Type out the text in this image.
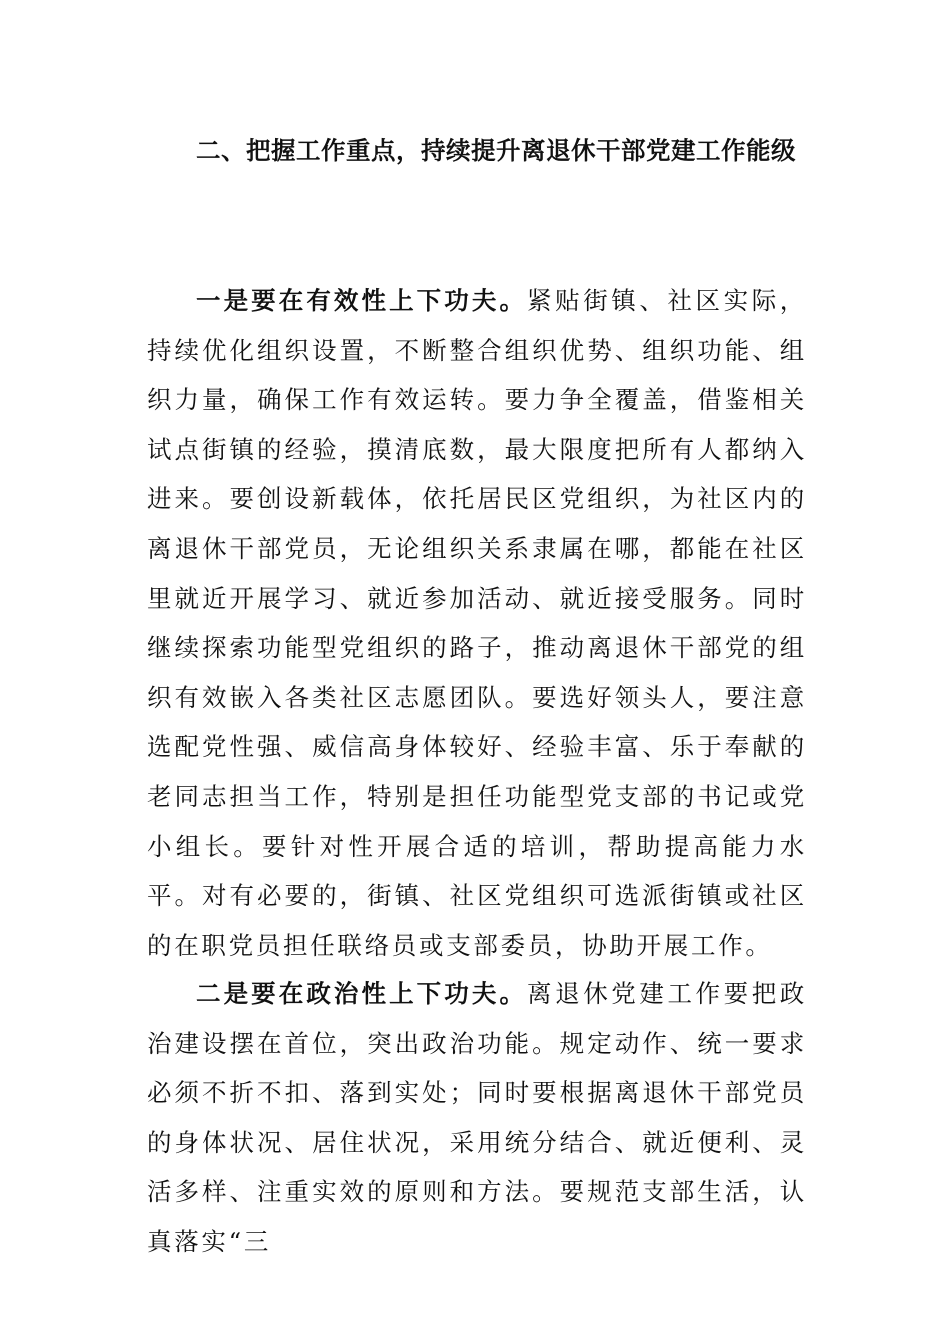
二、把握工作重点，持续提升离退休干部党建工作能级

一是要在有效性上下功夫。紧贴街镇、社区实际，持续优化组织设置，不断整合组织优势、组织功能、组织力量，确保工作有效运转。要力争全覆盖，借鉴相关试点街镇的经验，摸清底数，最大限度把所有人都纳入进来。要创设新载体，依托居民区党组织，为社区内的离退休干部党员，无论组织关系隶属在哪，都能在社区里就近开展学习、就近参加活动、就近接受服务。同时继续探索功能型党组织的路子，推动离退休干部党的组织有效嵌入各类社区志愿团队。要选好领头人，要注意选配党性强、威信高身体较好、经验丰富、乐于奉献的老同志担当工作，特别是担任功能型党支部的书记或党小组长。要针对性开展合适的培训，帮助提高能力水平。对有必要的，街镇、社区党组织可选派街镇或社区的在职党员担任联络员或支部委员，协助开展工作。

二是要在政治性上下功夫。离退休党建工作要把政治建设摆在首位，突出政治功能。规定动作、统一要求必须不折不扣、落到实处；同时要根据离退休干部党员的身体状况、居住状况，采用统分结合、就近便利、灵活多样、注重实效的原则和方法。要规范支部生活，认真落实“三
